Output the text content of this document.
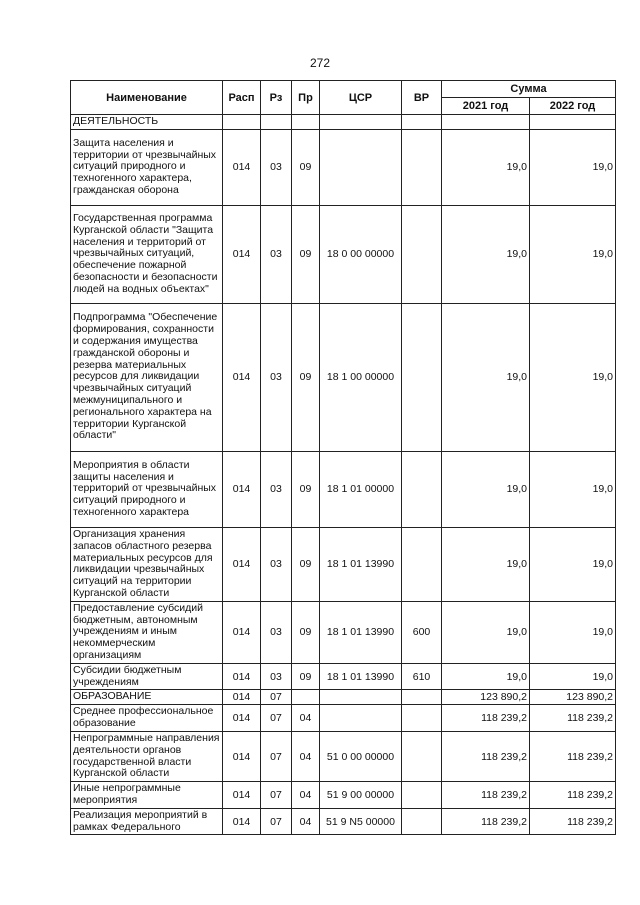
272
Наименование	Расп	Рз	Пр	ЦСР	ВР	Сумма	
						2021 год	2022 год
ДЕЯТЕЛЬНОСТЬ							
Защита населения и территории от чрезвычайных ситуаций природного и техногенного характера, гражданская оборона	014	03	09			19,0	19,0
Государственная программа Курганской области "Защита населения и территорий от чрезвычайных ситуаций, обеспечение пожарной безопасности и безопасности людей на водных объектах"	014	03	09	18 0 00 00000		19,0	19,0
Подпрограмма "Обеспечение формирования, сохранности и содержания имущества гражданской обороны и резерва материальных ресурсов для ликвидации чрезвычайных ситуаций межмуниципального и регионального характера на территории Курганской области"	014	03	09	18 1 00 00000		19,0	19,0
Мероприятия в области защиты населения и территорий от чрезвычайных ситуаций природного и техногенного характера	014	03	09	18 1 01 00000		19,0	19,0
Организация хранения запасов областного резерва материальных ресурсов для ликвидации чрезвычайных ситуаций на территории Курганской области	014	03	09	18 1 01 13990		19,0	19,0
Предоставление субсидий бюджетным, автономным учреждениям и иным некоммерческим организациям	014	03	09	18 1 01 13990	600	19,0	19,0
Субсидии бюджетным учреждениям	014	03	09	18 1 01 13990	610	19,0	19,0
ОБРАЗОВАНИЕ	014	07				123 890,2	123 890,2
Среднее профессиональное образование	014	07	04			118 239,2	118 239,2
Непрограммные направления деятельности органов государственной власти Курганской области	014	07	04	51 0 00 00000		118 239,2	118 239,2
Иные непрограммные мероприятия	014	07	04	51 9 00 00000		118 239,2	118 239,2
Реализация мероприятий в рамках Федерального	014	07	04	51 9 N5 00000		118 239,2	118 239,2
